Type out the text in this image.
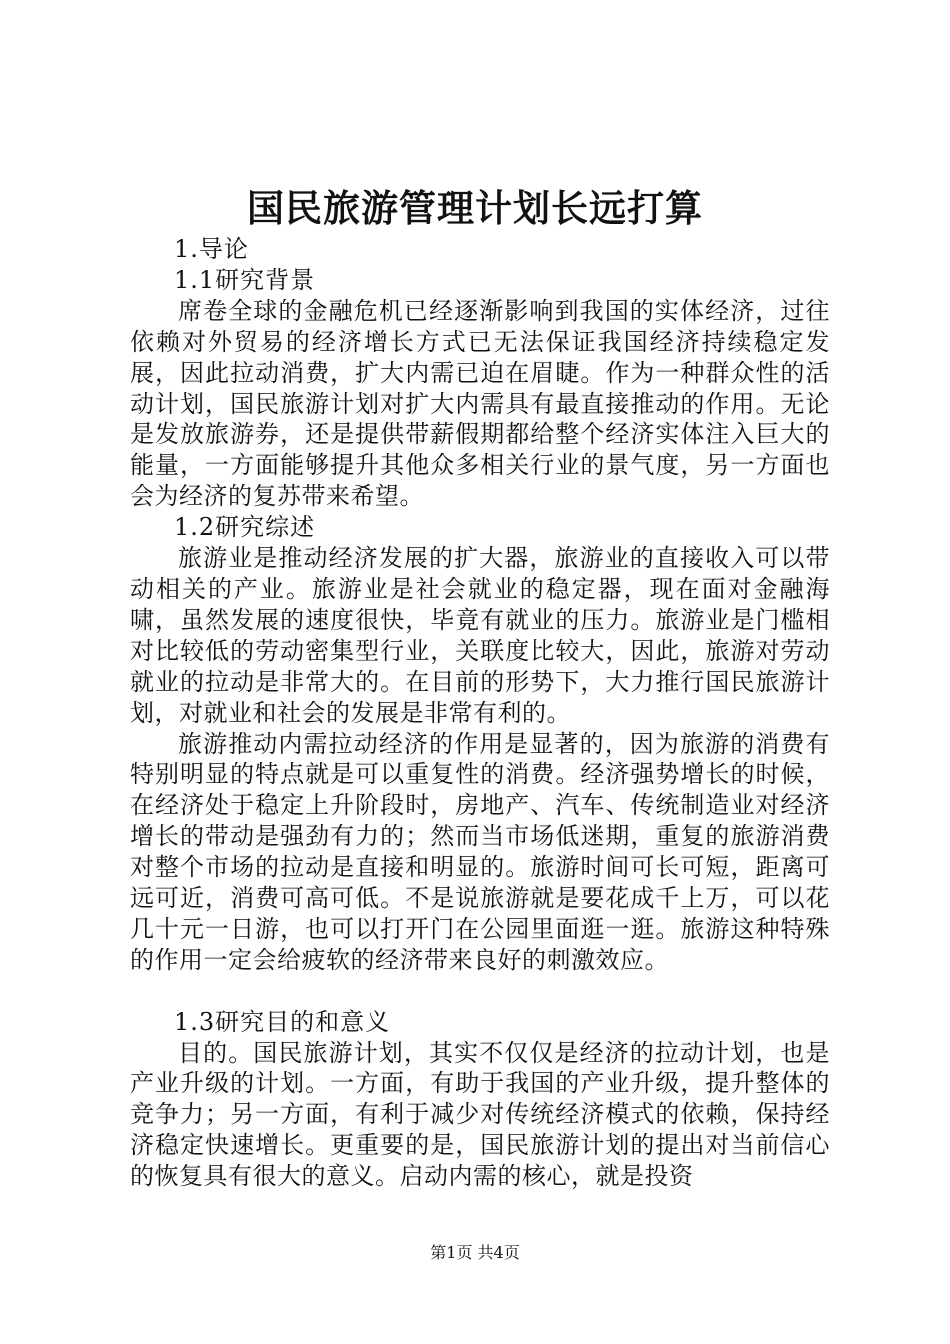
国民旅游管理计划长远打算
1.导论
1.1研究背景
席卷全球的金融危机已经逐渐影响到我国的实体经济，过往依赖对外贸易的经济增长方式已无法保证我国经济持续稳定发展，因此拉动消费，扩大内需已迫在眉睫。作为一种群众性的活动计划，国民旅游计划对扩大内需具有最直接推动的作用。无论是发放旅游券，还是提供带薪假期都给整个经济实体注入巨大的能量，一方面能够提升其他众多相关行业的景气度，另一方面也会为经济的复苏带来希望。
1.2研究综述
旅游业是推动经济发展的扩大器，旅游业的直接收入可以带动相关的产业。旅游业是社会就业的稳定器，现在面对金融海啸，虽然发展的速度很快，毕竟有就业的压力。旅游业是门槛相对比较低的劳动密集型行业，关联度比较大，因此，旅游对劳动就业的拉动是非常大的。在目前的形势下，大力推行国民旅游计划，对就业和社会的发展是非常有利的。
旅游推动内需拉动经济的作用是显著的，因为旅游的消费有特别明显的特点就是可以重复性的消费。经济强势增长的时候，在经济处于稳定上升阶段时，房地产、汽车、传统制造业对经济增长的带动是强劲有力的；然而当市场低迷期，重复的旅游消费对整个市场的拉动是直接和明显的。旅游时间可长可短，距离可远可近，消费可高可低。不是说旅游就是要花成千上万，可以花几十元一日游，也可以打开门在公园里面逛一逛。旅游这种特殊的作用一定会给疲软的经济带来良好的刺激效应。
1.3研究目的和意义
目的。国民旅游计划，其实不仅仅是经济的拉动计划，也是产业升级的计划。一方面，有助于我国的产业升级，提升整体的竞争力；另一方面，有利于减少对传统经济模式的依赖，保持经济稳定快速增长。更重要的是，国民旅游计划的提出对当前信心的恢复具有很大的意义。启动内需的核心，就是投资
第1页 共4页
